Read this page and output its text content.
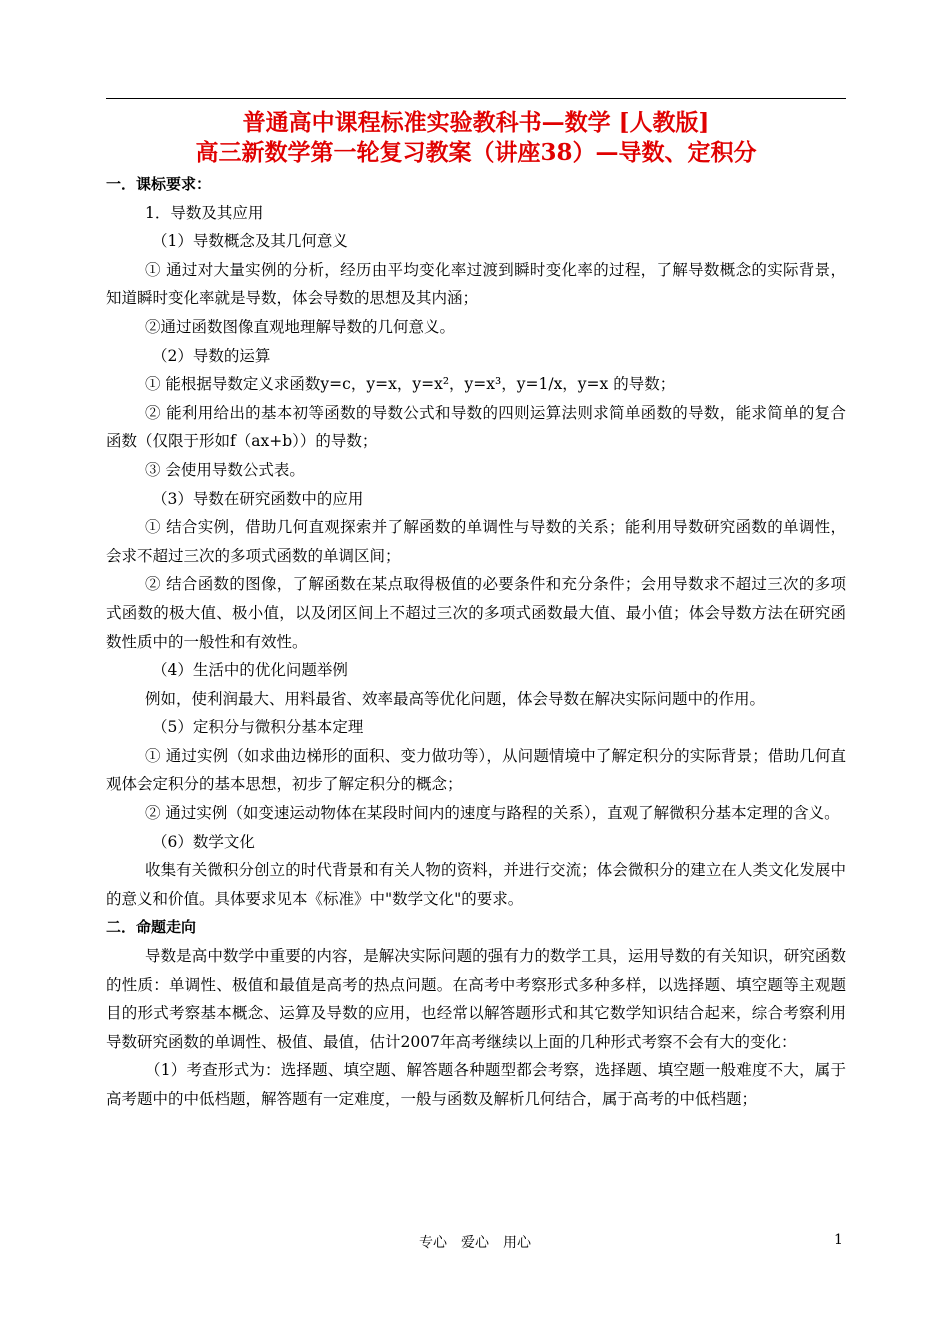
普通高中课程标准实验教科书—数学 [人教版]
高三新数学第一轮复习教案（讲座38）—导数、定积分

一．课标要求：

1．导数及其应用

（1）导数概念及其几何意义

① 通过对大量实例的分析，经历由平均变化率过渡到瞬时变化率的过程，了解导数概念的实际背景，知道瞬时变化率就是导数，体会导数的思想及其内涵；

②通过函数图像直观地理解导数的几何意义。

（2）导数的运算

① 能根据导数定义求函数y=c，y=x，y=x²，y=x³，y=1/x，y=x 的导数；

② 能利用给出的基本初等函数的导数公式和导数的四则运算法则求简单函数的导数，能求简单的复合函数（仅限于形如f（ax+b））的导数；

③ 会使用导数公式表。

（3）导数在研究函数中的应用

① 结合实例，借助几何直观探索并了解函数的单调性与导数的关系；能利用导数研究函数的单调性，会求不超过三次的多项式函数的单调区间；

② 结合函数的图像，了解函数在某点取得极值的必要条件和充分条件；会用导数求不超过三次的多项式函数的极大值、极小值，以及闭区间上不超过三次的多项式函数最大值、最小值；体会导数方法在研究函数性质中的一般性和有效性。

（4）生活中的优化问题举例

例如，使利润最大、用料最省、效率最高等优化问题，体会导数在解决实际问题中的作用。

（5）定积分与微积分基本定理

① 通过实例（如求曲边梯形的面积、变力做功等），从问题情境中了解定积分的实际背景；借助几何直观体会定积分的基本思想，初步了解定积分的概念；

② 通过实例（如变速运动物体在某段时间内的速度与路程的关系），直观了解微积分基本定理的含义。

（6）数学文化

收集有关微积分创立的时代背景和有关人物的资料，并进行交流；体会微积分的建立在人类文化发展中的意义和价值。具体要求见本《标准》中"数学文化"的要求。

二．命题走向

导数是高中数学中重要的内容，是解决实际问题的强有力的数学工具，运用导数的有关知识，研究函数的性质：单调性、极值和最值是高考的热点问题。在高考中考察形式多种多样，以选择题、填空题等主观题目的形式考察基本概念、运算及导数的应用，也经常以解答题形式和其它数学知识结合起来，综合考察利用导数研究函数的单调性、极值、最值，估计2007年高考继续以上面的几种形式考察不会有大的变化：

（1）考查形式为：选择题、填空题、解答题各种题型都会考察，选择题、填空题一般难度不大，属于高考题中的中低档题，解答题有一定难度，一般与函数及解析几何结合，属于高考的中低档题；

专心　爱心　用心	1
